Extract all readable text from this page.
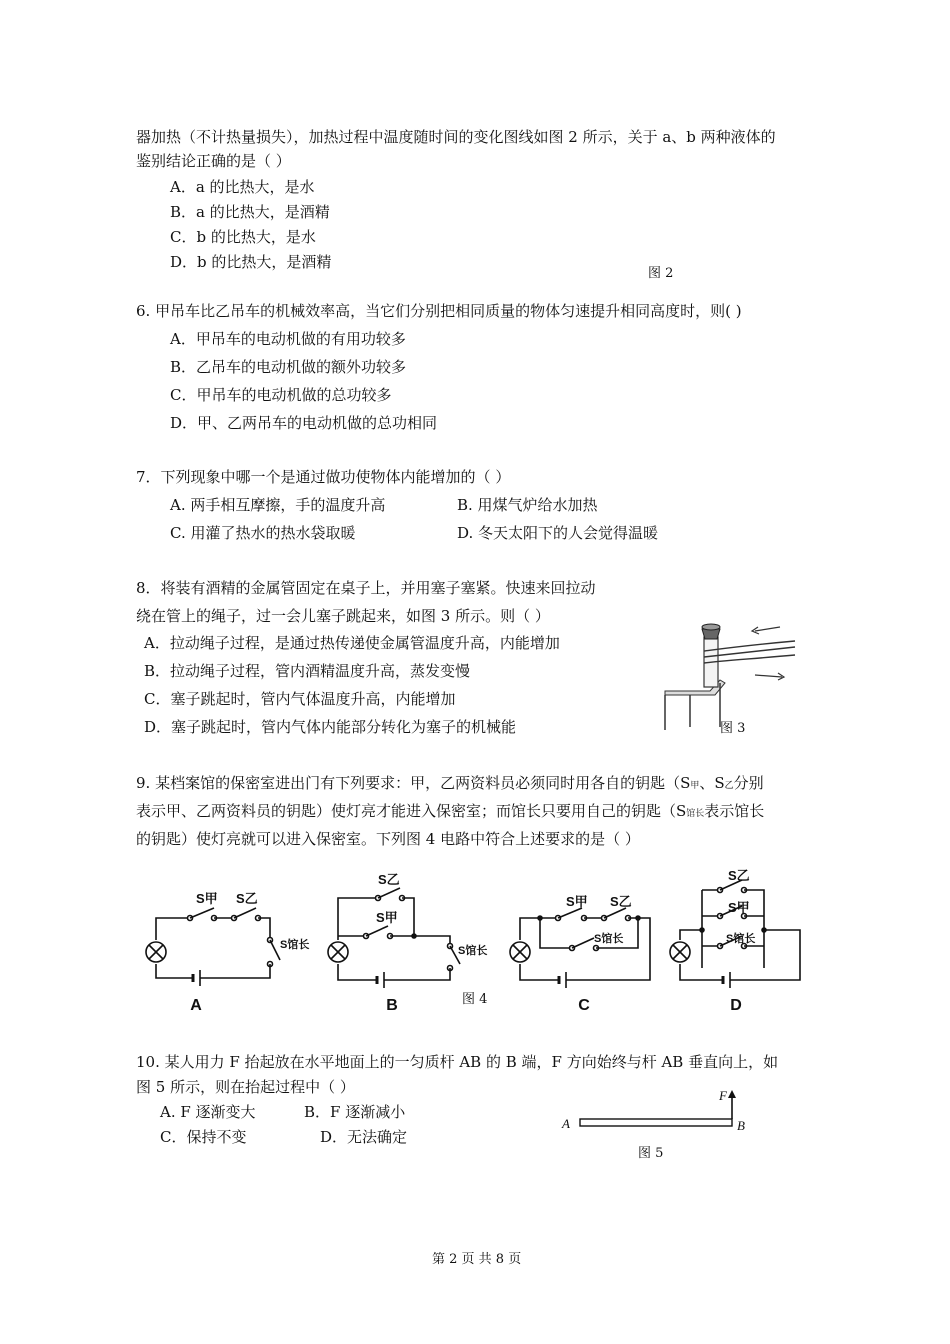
器加热（不计热量损失），加热过程中温度随时间的变化图线如图 2 所示，关于 a、b 两种液体的
鉴别结论正确的是（ ）
A．a 的比热大，是水
B．a 的比热大，是酒精
C．b 的比热大，是水
D．b 的比热大，是酒精
图 2
6. 甲吊车比乙吊车的机械效率高，当它们分别把相同质量的物体匀速提升相同高度时，则( )
A．甲吊车的电动机做的有用功较多
B．乙吊车的电动机做的额外功较多
C．甲吊车的电动机做的总功较多
D．甲、乙两吊车的电动机做的总功相同
7．下列现象中哪一个是通过做功使物体内能增加的（ ）
A. 两手相互摩擦，手的温度升高	B. 用煤气炉给水加热
C. 用灌了热水的热水袋取暖	D. 冬天太阳下的人会觉得温暖
8．将装有酒精的金属管固定在桌子上，并用塞子塞紧。快速来回拉动
绕在管上的绳子，过一会儿塞子跳起来，如图 3 所示。则（ ）
A．拉动绳子过程，是通过热传递使金属管温度升高，内能增加
B．拉动绳子过程，管内酒精温度升高，蒸发变慢
C．塞子跳起时，管内气体温度升高，内能增加
D．塞子跳起时，管内气体内能部分转化为塞子的机械能	图 3
9. 某档案馆的保密室进出门有下列要求：甲，乙两资料员必须同时用各自的钥匙（S甲、S乙分别
表示甲、乙两资料员的钥匙）使灯亮才能进入保密室；而馆长只要用自己的钥匙（S馆长表示馆长
的钥匙）使灯亮就可以进入保密室。下列图 4 电路中符合上述要求的是（ ）
S甲 S乙
S馆长
S乙
S甲
S馆长
S甲 S乙
S馆长
S乙
S甲
S馆长
A	B	C	D
图 4
10. 某人用力 F 抬起放在水平地面上的一匀质杆 AB 的 B 端，F 方向始终与杆 AB 垂直向上，如
图 5 所示，则在抬起过程中（ ）
A. F 逐渐变大	B．F 逐渐减小
C．保持不变	D．无法确定
A	B
F
图 5
第 2 页 共 8 页
